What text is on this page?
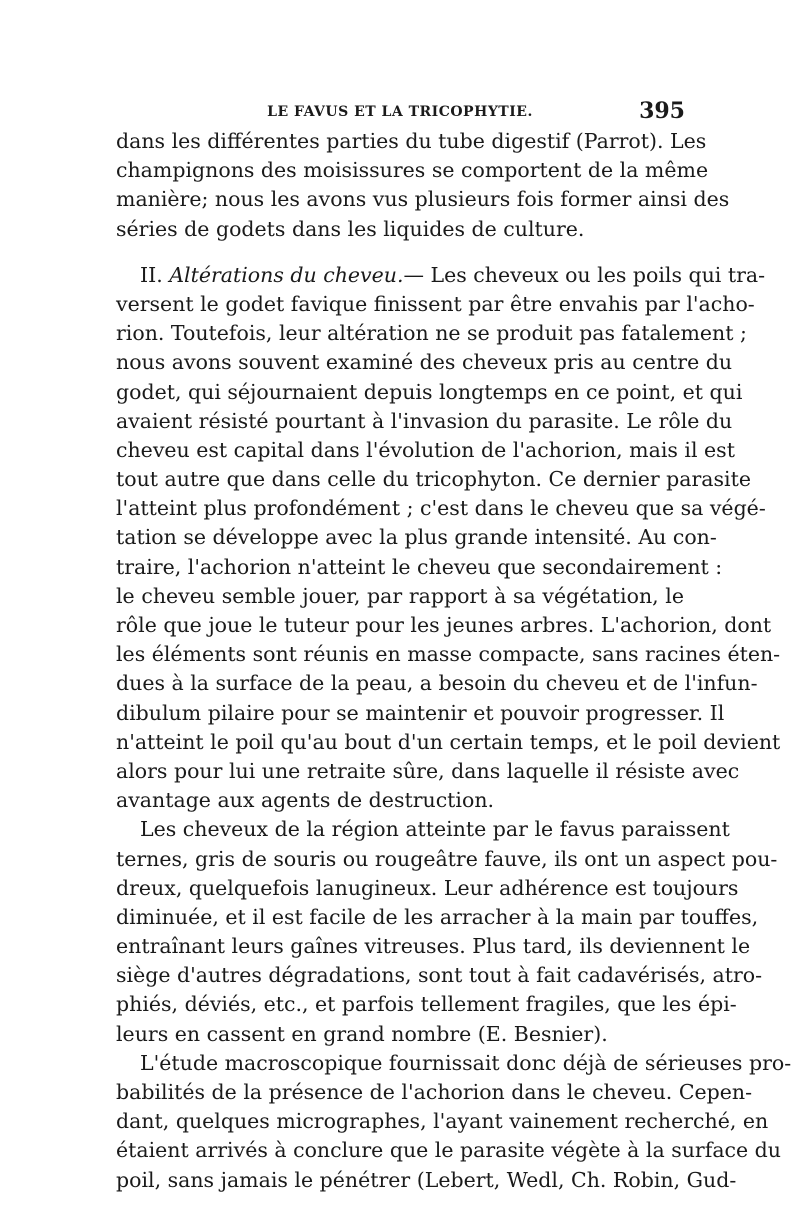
LE FAVUS ET LA TRICOPHYTIE.	395
dans les différentes parties du tube digestif (Parrot). Les
champignons des moisissures se comportent de la même
manière; nous les avons vus plusieurs fois former ainsi des
séries de godets dans les liquides de culture.
II. Altérations du cheveu.— Les cheveux ou les poils qui tra-
versent le godet favique finissent par être envahis par l'acho-
rion. Toutefois, leur altération ne se produit pas fatalement ;
nous avons souvent examiné des cheveux pris au centre du
godet, qui séjournaient depuis longtemps en ce point, et qui
avaient résisté pourtant à l'invasion du parasite. Le rôle du
cheveu est capital dans l'évolution de l'achorion, mais il est
tout autre que dans celle du tricophyton. Ce dernier parasite
l'atteint plus profondément ; c'est dans le cheveu que sa végé-
tation se développe avec la plus grande intensité. Au con-
traire, l'achorion n'atteint le cheveu que secondairement :
le cheveu semble jouer, par rapport à sa végétation, le
rôle que joue le tuteur pour les jeunes arbres. L'achorion, dont
les éléments sont réunis en masse compacte, sans racines éten-
dues à la surface de la peau, a besoin du cheveu et de l'infun-
dibulum pilaire pour se maintenir et pouvoir progresser. Il
n'atteint le poil qu'au bout d'un certain temps, et le poil devient
alors pour lui une retraite sûre, dans laquelle il résiste avec
avantage aux agents de destruction.
Les cheveux de la région atteinte par le favus paraissent
ternes, gris de souris ou rougeâtre fauve, ils ont un aspect pou-
dreux, quelquefois lanugineux. Leur adhérence est toujours
diminuée, et il est facile de les arracher à la main par touffes,
entraînant leurs gaînes vitreuses. Plus tard, ils deviennent le
siège d'autres dégradations, sont tout à fait cadavérisés, atro-
phiés, déviés, etc., et parfois tellement fragiles, que les épi-
leurs en cassent en grand nombre (E. Besnier).
L'étude macroscopique fournissait donc déjà de sérieuses pro-
babilités de la présence de l'achorion dans le cheveu. Cepen-
dant, quelques micrographes, l'ayant vainement recherché, en
étaient arrivés à conclure que le parasite végète à la surface du
poil, sans jamais le pénétrer (Lebert, Wedl, Ch. Robin, Gud-
